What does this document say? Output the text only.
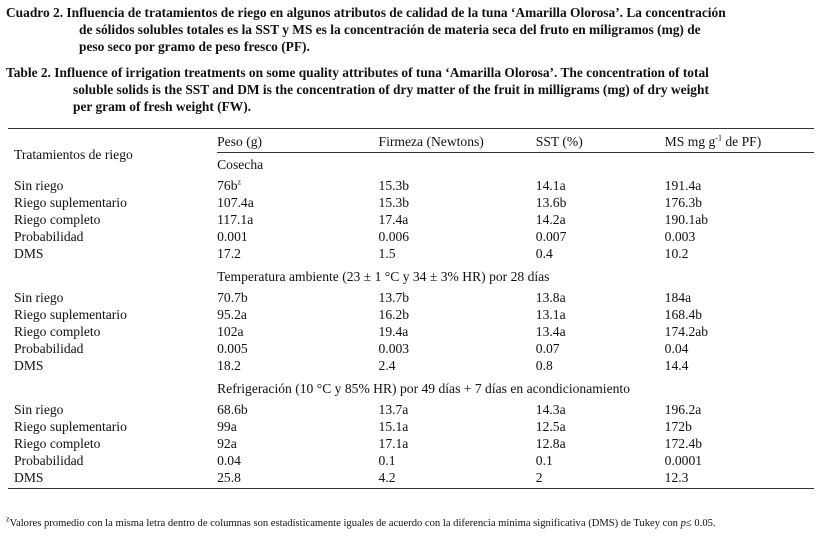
Cuadro 2. Influencia de tratamientos de riego en algunos atributos de calidad de la tuna ‘Amarilla Olorosa’. La concentración
de sólidos solubles totales es la SST y MS es la concentración de materia seca del fruto en miligramos (mg) de
peso seco por gramo de peso fresco (PF).
Table 2. Influence of irrigation treatments on some quality attributes of tuna ‘Amarilla Olorosa’. The concentration of total
soluble solids is the SST and DM is the concentration of dry matter of the fruit in milligrams (mg) of dry weight
per gram of fresh weight (FW).
Tratamientos de riego	Peso (g)	Firmeza (Newtons)	SST (%)	MS mg $g^{-1}$ de PF)
	Cosecha			
Sin riego	$76b^z$	15.3b	14.1a	191.4a
Riego suplementario	107.4a	15.3b	13.6b	176.3b
Riego completo	117.1a	17.4a	14.2a	190.1ab
Probabilidad	0.001	0.006	0.007	0.003
DMS	17.2	1.5	0.4	10.2

	Temperatura ambiente (23 ± 1 °C y 34 ± 3% HR) por 28 días			
Sin riego	70.7b	13.7b	13.8a	184a
Riego suplementario	95.2a	16.2b	13.1a	168.4b
Riego completo	102a	19.4a	13.4a	174.2ab
Probabilidad	0.005	0.003	0.07	0.04
DMS	18.2	2.4	0.8	14.4

	Refrigeración (10 °C y 85% HR) por 49 días + 7 días en acondicionamiento			
Sin riego	68.6b	13.7a	14.3a	196.2a
Riego suplementario	99a	15.1a	12.5a	172b
Riego completo	92a	17.1a	12.8a	172.4b
Probabilidad	0.04	0.1	0.1	0.0001
DMS	25.8	4.2	2	12.3
$^z$Valores promedio con la misma letra dentro de columnas son estadísticamente iguales de acuerdo con la diferencia mínima significativa (DMS) de Tukey con p≤ 0.05.
